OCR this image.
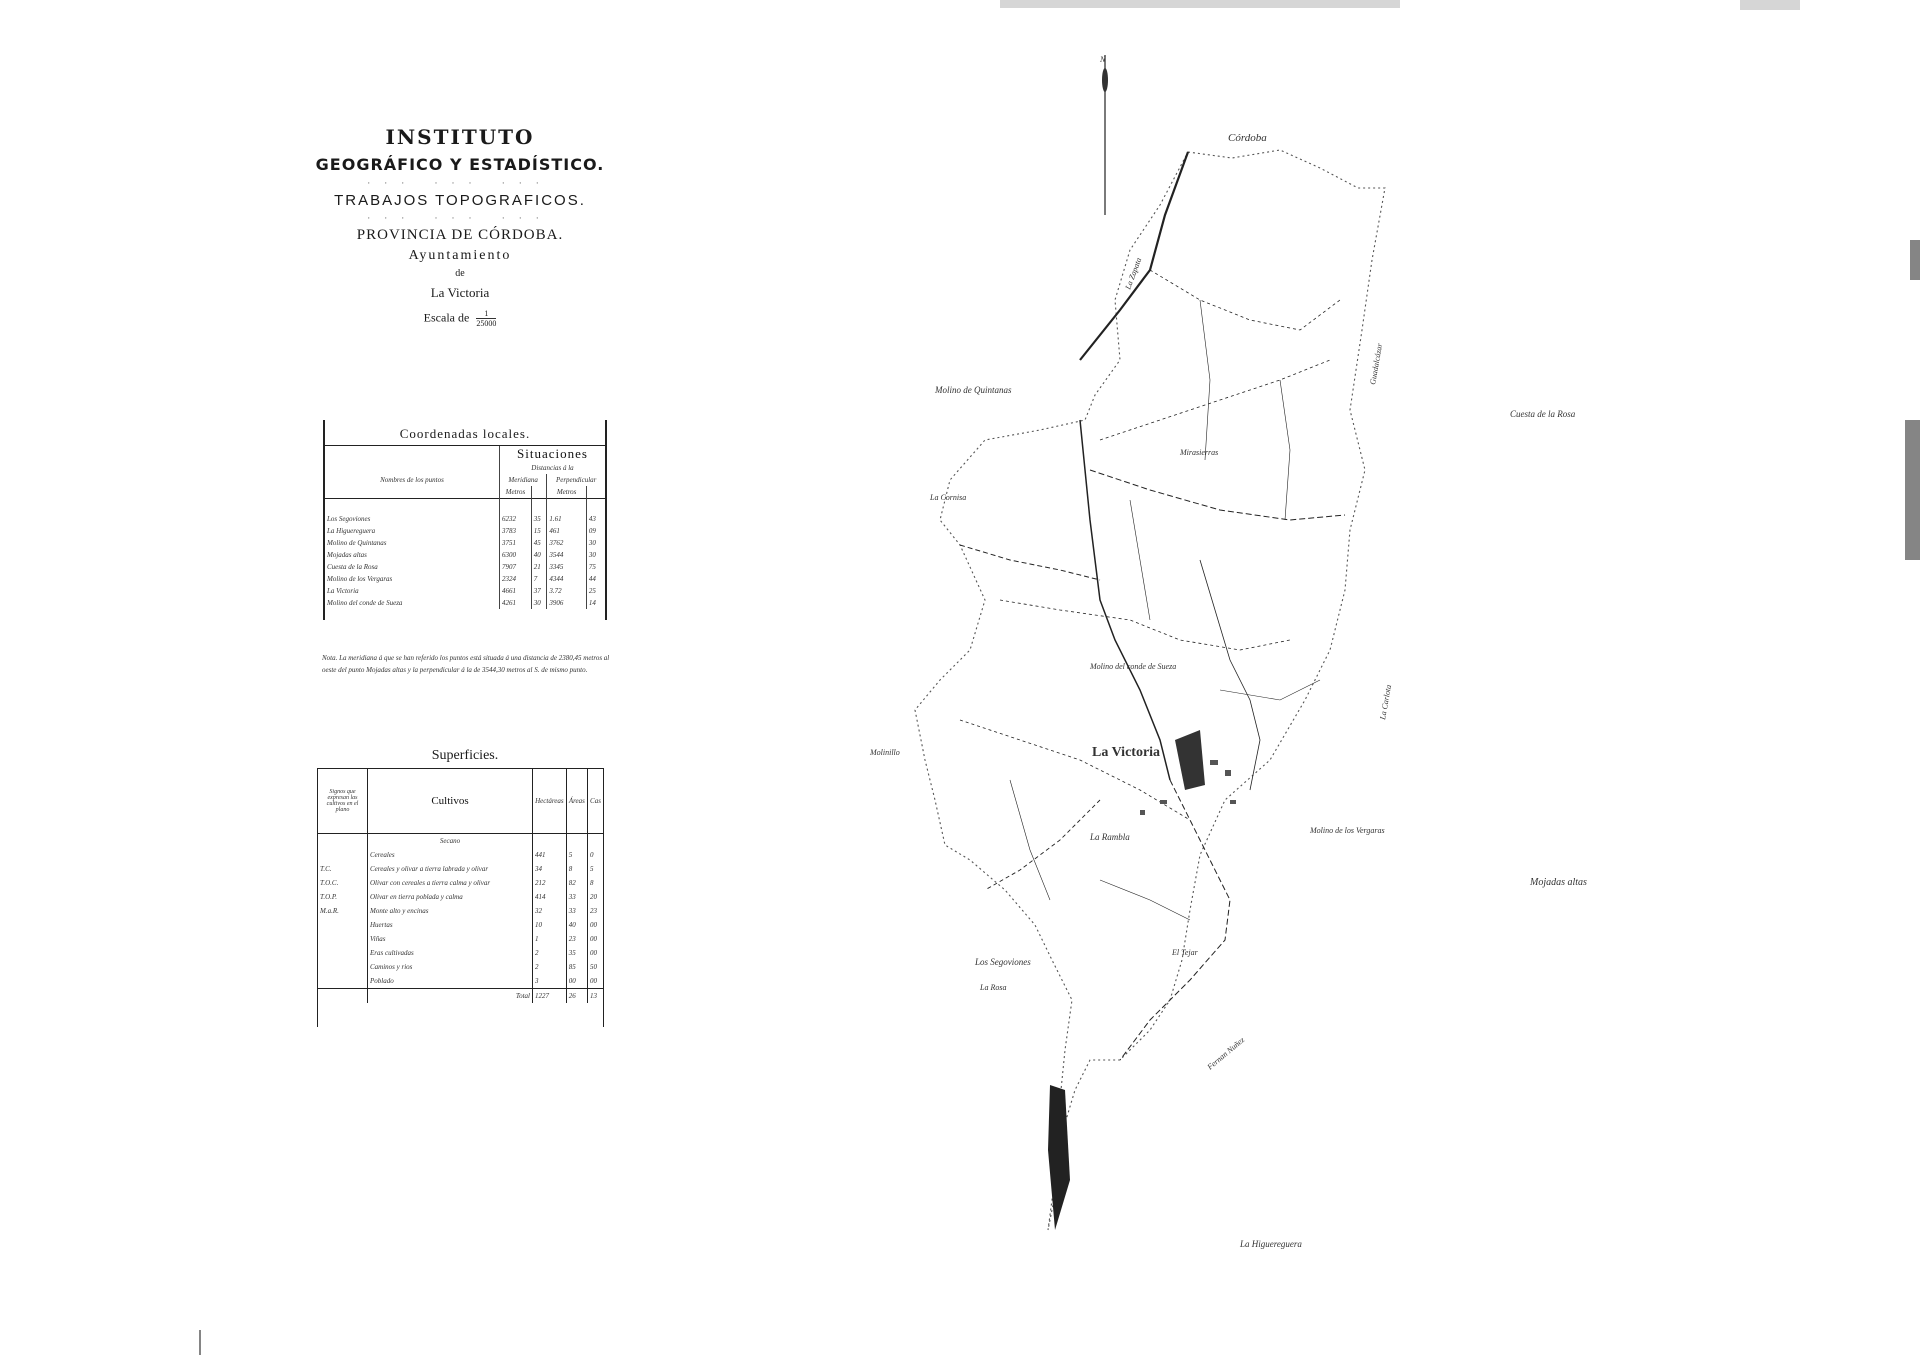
N
Córdoba
La Victoria
Mojadas altas
Molino de los Vergaras
Los Segoviones
La Higuereguera
Molino de Quintanas
Cuesta de la Rosa
Molino del conde de Sueza
La Cornisa
Molinillo
La Rambla
La Carlota
Guadalcázar
Fernan Nuñez
La Zapata
La Rosa
Mirasierras
El Tejar
INSTITUTO
GEOGRÁFICO Y ESTADÍSTICO.
··· ··· ···
TRABAJOS TOPOGRAFICOS.
··· ··· ···
PROVINCIA DE CÓRDOBA.
Ayuntamiento
de
La Victoria
Escala de $\frac{1}{25000}$
Coordenadas locales.
	Situaciones			
	Distancias á la			
Nombres de los puntos	Meridiana		Perpendicular	
	Metros		Metros	

Los Segoviones	6232	35	1.61	43
La Higuereguera	3783	15	461	09
Molino de Quintanas	3751	45	3762	30
Mojadas altas	6300	40	3544	30
Cuesta de la Rosa	7907	21	3345	75
Molino de los Vergaras	2324	7	4344	44
La Victoria	4661	37	3.72	25
Molino del conde de Sueza	4261	30	3906	14
Nota. La meridiana á que se han referido los puntos está situada á una distancia de 2380,45 metros al oeste del punto Mojadas altas y la perpendicular á la de 3544,30 metros al S. de mismo punto.
Superficies.
Signos que expresan las cultivos en el plano	Cultivos	Hectáreas	Áreas	Cas
	Secano			
	Cereales	441	5	0
T.C.	Cereales y olivar a tierra labrada y olivar	34	8	5
T.O.C.	Olivar con cereales a tierra calma y olivar	212	82	8
T.O.P.	Olivar en tierra poblada y calma	414	33	20
M.a.R.	Monte alto y encinas	32	33	23
	Huertas	10	40	00
	Viñas	1	23	00
	Eras cultivadas	2	35	00
	Caminos y rios	2	85	50
	Poblado	3	00	00
	Total	1227	26	13
